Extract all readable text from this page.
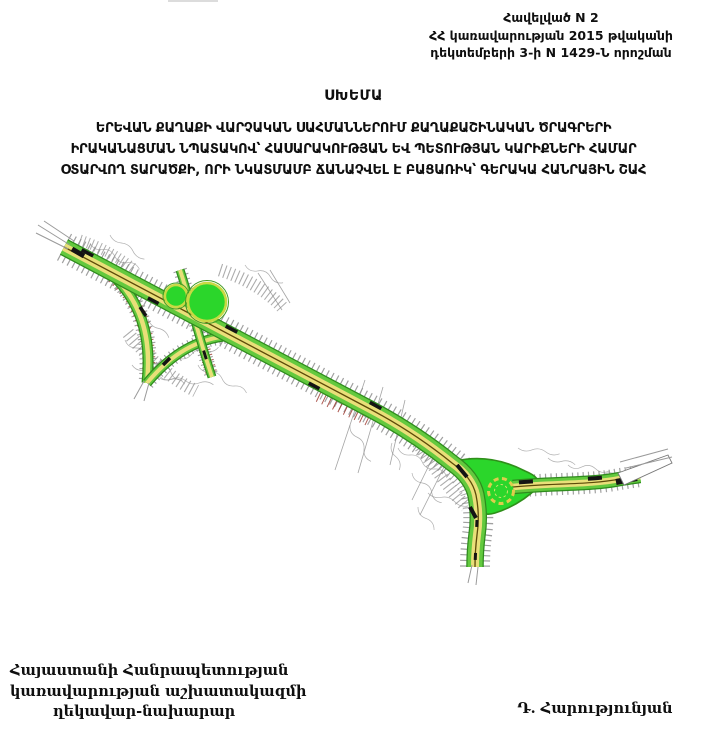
Հավելված N 2
ՀՀ կառավարության 2015 թվականի
դեկտեմբերի 3-ի N 1429-Ն որոշման
ՍԽԵՄԱ
ԵՐԵՎԱՆ ՔԱՂԱՔԻ ՎԱՐՉԱԿԱՆ ՍԱՀՄԱՆՆԵՐՈՒՄ ՔԱՂԱՔԱՇԻՆԱԿԱՆ ԾՐԱԳՐԵՐԻ
ԻՐԱԿԱՆԱՑՄԱՆ ՆՊԱՏԱԿՈՎ՝ ՀԱՍԱՐԱԿՈՒԹՅԱՆ ԵՎ ՊԵՏՈՒԹՅԱՆ ԿԱՐԻՔՆԵՐԻ ՀԱՄԱՐ
ՕՏԱՐՎՈՂ ՏԱՐԱԾՔԻ, ՈՐԻ ՆԿԱՏՄԱՄԲ ՃԱՆԱՉՎԵԼ Է ԲԱՑԱՌԻԿ՝ ԳԵՐԱԿԱ ՀԱՆՐԱՅԻՆ ՇԱՀ
Հայաստանի Հանրապետության
կառավարության աշխատակազմի
ղեկավար-նախարար	Դ. Հարությունյան
